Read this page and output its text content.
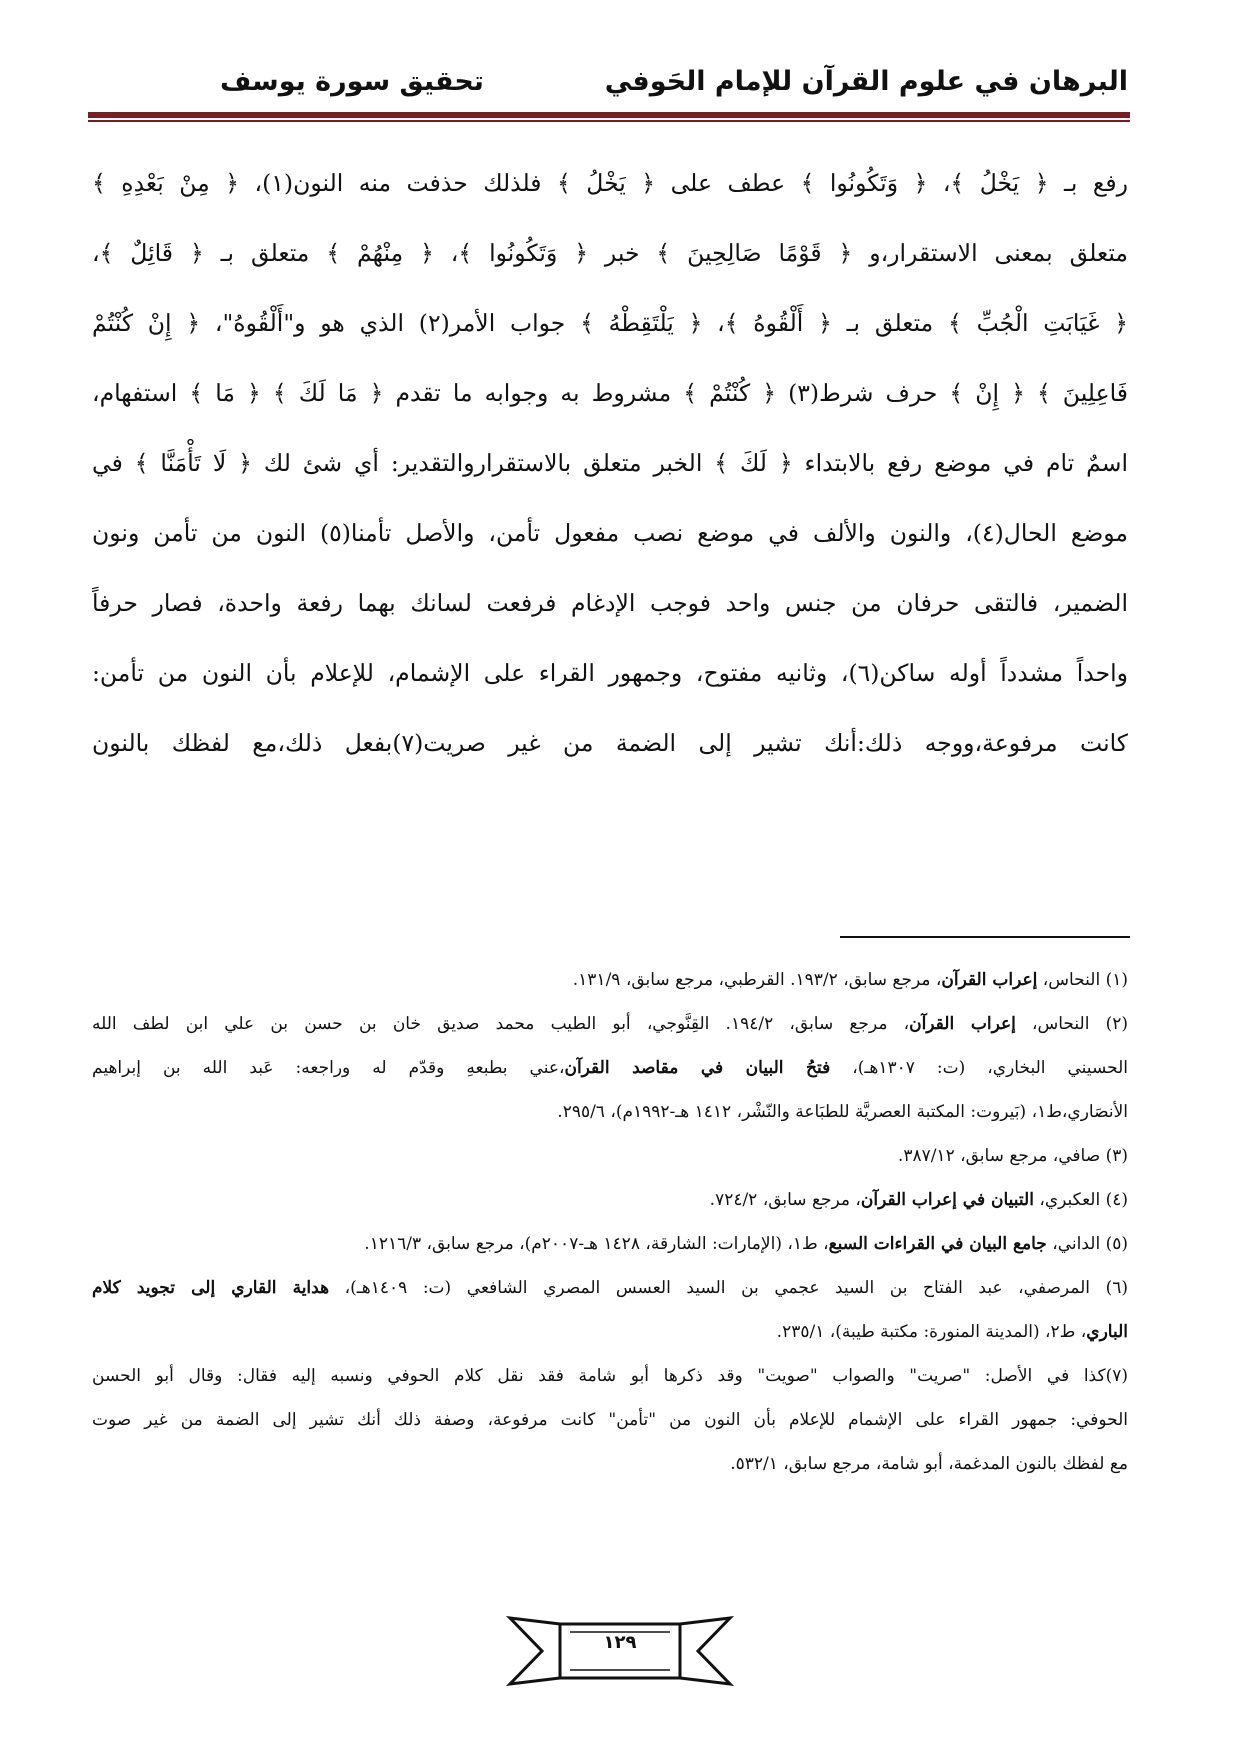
البرهان في علوم القرآن للإمام الحَوفي
تحقيق سورة يوسف
رفع بـ ﴿ يَخْلُ ﴾، ﴿ وَتَكُونُوا ﴾ عطف على ﴿ يَخْلُ ﴾ فلذلك حذفت منه النون(١)، ﴿ مِنْ بَعْدِهِ ﴾
متعلق بمعنى الاستقرار،و ﴿ قَوْمًا صَالِحِينَ ﴾ خبر ﴿ وَتَكُونُوا ﴾، ﴿ مِنْهُمْ ﴾ متعلق بـ ﴿ قَائِلٌ ﴾،
﴿ غَيَابَتِ الْجُبِّ ﴾ متعلق بـ ﴿ أَلْقُوهُ ﴾، ﴿ يَلْتَقِطْهُ ﴾ جواب الأمر(٢) الذي هو و"أَلْقُوهُ"، ﴿ إِنْ كُنْتُمْ
فَاعِلِينَ ﴾ ﴿ إِنْ ﴾ حرف شرط(٣) ﴿ كُنْتُمْ ﴾ مشروط به وجوابه ما تقدم ﴿ مَا لَكَ ﴾ ﴿ مَا ﴾ استفهام،
اسمٌ تام في موضع رفع بالابتداء ﴿ لَكَ ﴾ الخبر متعلق بالاستقراروالتقدير: أي شئ لك ﴿ لَا تَأْمَنَّا ﴾ في
موضع الحال(٤)، والنون والألف في موضع نصب مفعول تأمن، والأصل تأمنا(٥) النون من تأمن ونون
الضمير، فالتقى حرفان من جنس واحد فوجب الإدغام فرفعت لسانك بهما رفعة واحدة، فصار حرفاً
واحداً مشدداً أوله ساكن(٦)، وثانيه مفتوح، وجمهور القراء على الإشمام، للإعلام بأن النون من تأمن:
كانت مرفوعة،ووجه ذلك:أنك تشير إلى الضمة من غير صريت(٧)بفعل ذلك،مع لفظك بالنون
(١) النحاس، إعراب القرآن، مرجع سابق، ١٩٣/٢. القرطبي، مرجع سابق، ١٣١/٩.
(٢) النحاس، إعراب القرآن، مرجع سابق، ١٩٤/٢. القِنَّوجي، أبو الطيب محمد صديق خان بن حسن بن علي ابن لطف الله
الحسيني البخاري، (ت: ١٣٠٧هـ)، فتحُ البيان في مقاصد القرآن،عني بطبعهِ وقدّم له وراجعه: عَبد الله بن إبراهيم
الأنصَاري،ط١، (بَيروت: المكتبة العصريَّة للطبَاعة والنّشْر، ١٤١٢ هـ-١٩٩٢م)، ٢٩٥/٦.
(٣) صافي، مرجع سابق، ٣٨٧/١٢.
(٤) العكبري، التبيان في إعراب القرآن، مرجع سابق، ٧٢٤/٢.
(٥) الداني، جامع البيان في القراءات السبع، ط١، (الإمارات: الشارقة، ١٤٢٨ هـ-٢٠٠٧م)، مرجع سابق، ١٢١٦/٣.
(٦) المرصفي، عبد الفتاح بن السيد عجمي بن السيد العسس المصري الشافعي (ت: ١٤٠٩هـ)، هداية القاري إلى تجويد كلام
الباري، ط٢، (المدينة المنورة: مكتبة طيبة)، ٢٣٥/١.
(٧)كذا في الأصل: "صريت" والصواب "صويت" وقد ذكرها أبو شامة فقد نقل كلام الحوفي ونسبه إليه فقال: وقال أبو الحسن
الحوفي: جمهور القراء على الإشمام للإعلام بأن النون من "تأمن" كانت مرفوعة، وصفة ذلك أنك تشير إلى الضمة من غير صوت
مع لفظك بالنون المدغمة، أبو شامة، مرجع سابق، ٥٣٢/١.
١٢٩
